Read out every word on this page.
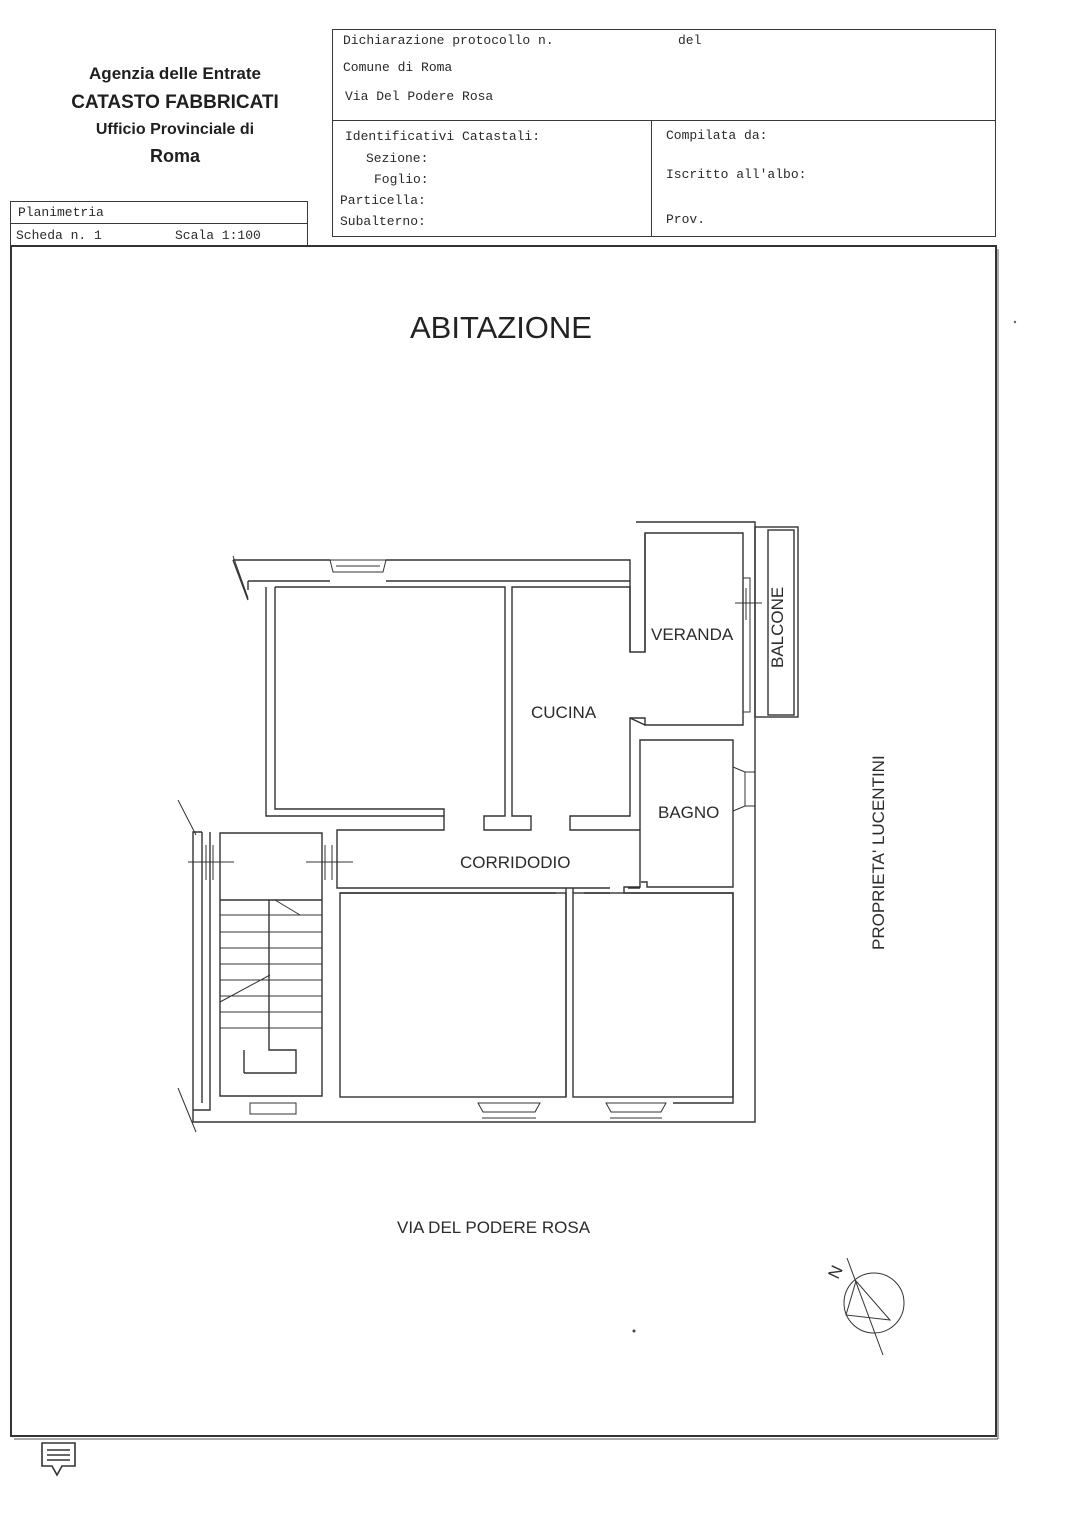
Agenzia delle Entrate
CATASTO FABBRICATI
Ufficio Provinciale di
Roma
Dichiarazione protocollo n.	del
Comune di Roma
Via Del Podere Rosa
Identificativi Catastali:
Sezione:
Foglio:
Particella:
Subalterno:
Compilata da:
Iscritto all'albo:
Prov.
Planimetria
Scheda n. 1	Scala 1:100
ABITAZIONE
VERANDA BALCONE
CUCINA
BAGNO
CORRIDODIO	PROPRIETA' LUCENTINI
VIA DEL PODERE ROSA
N
